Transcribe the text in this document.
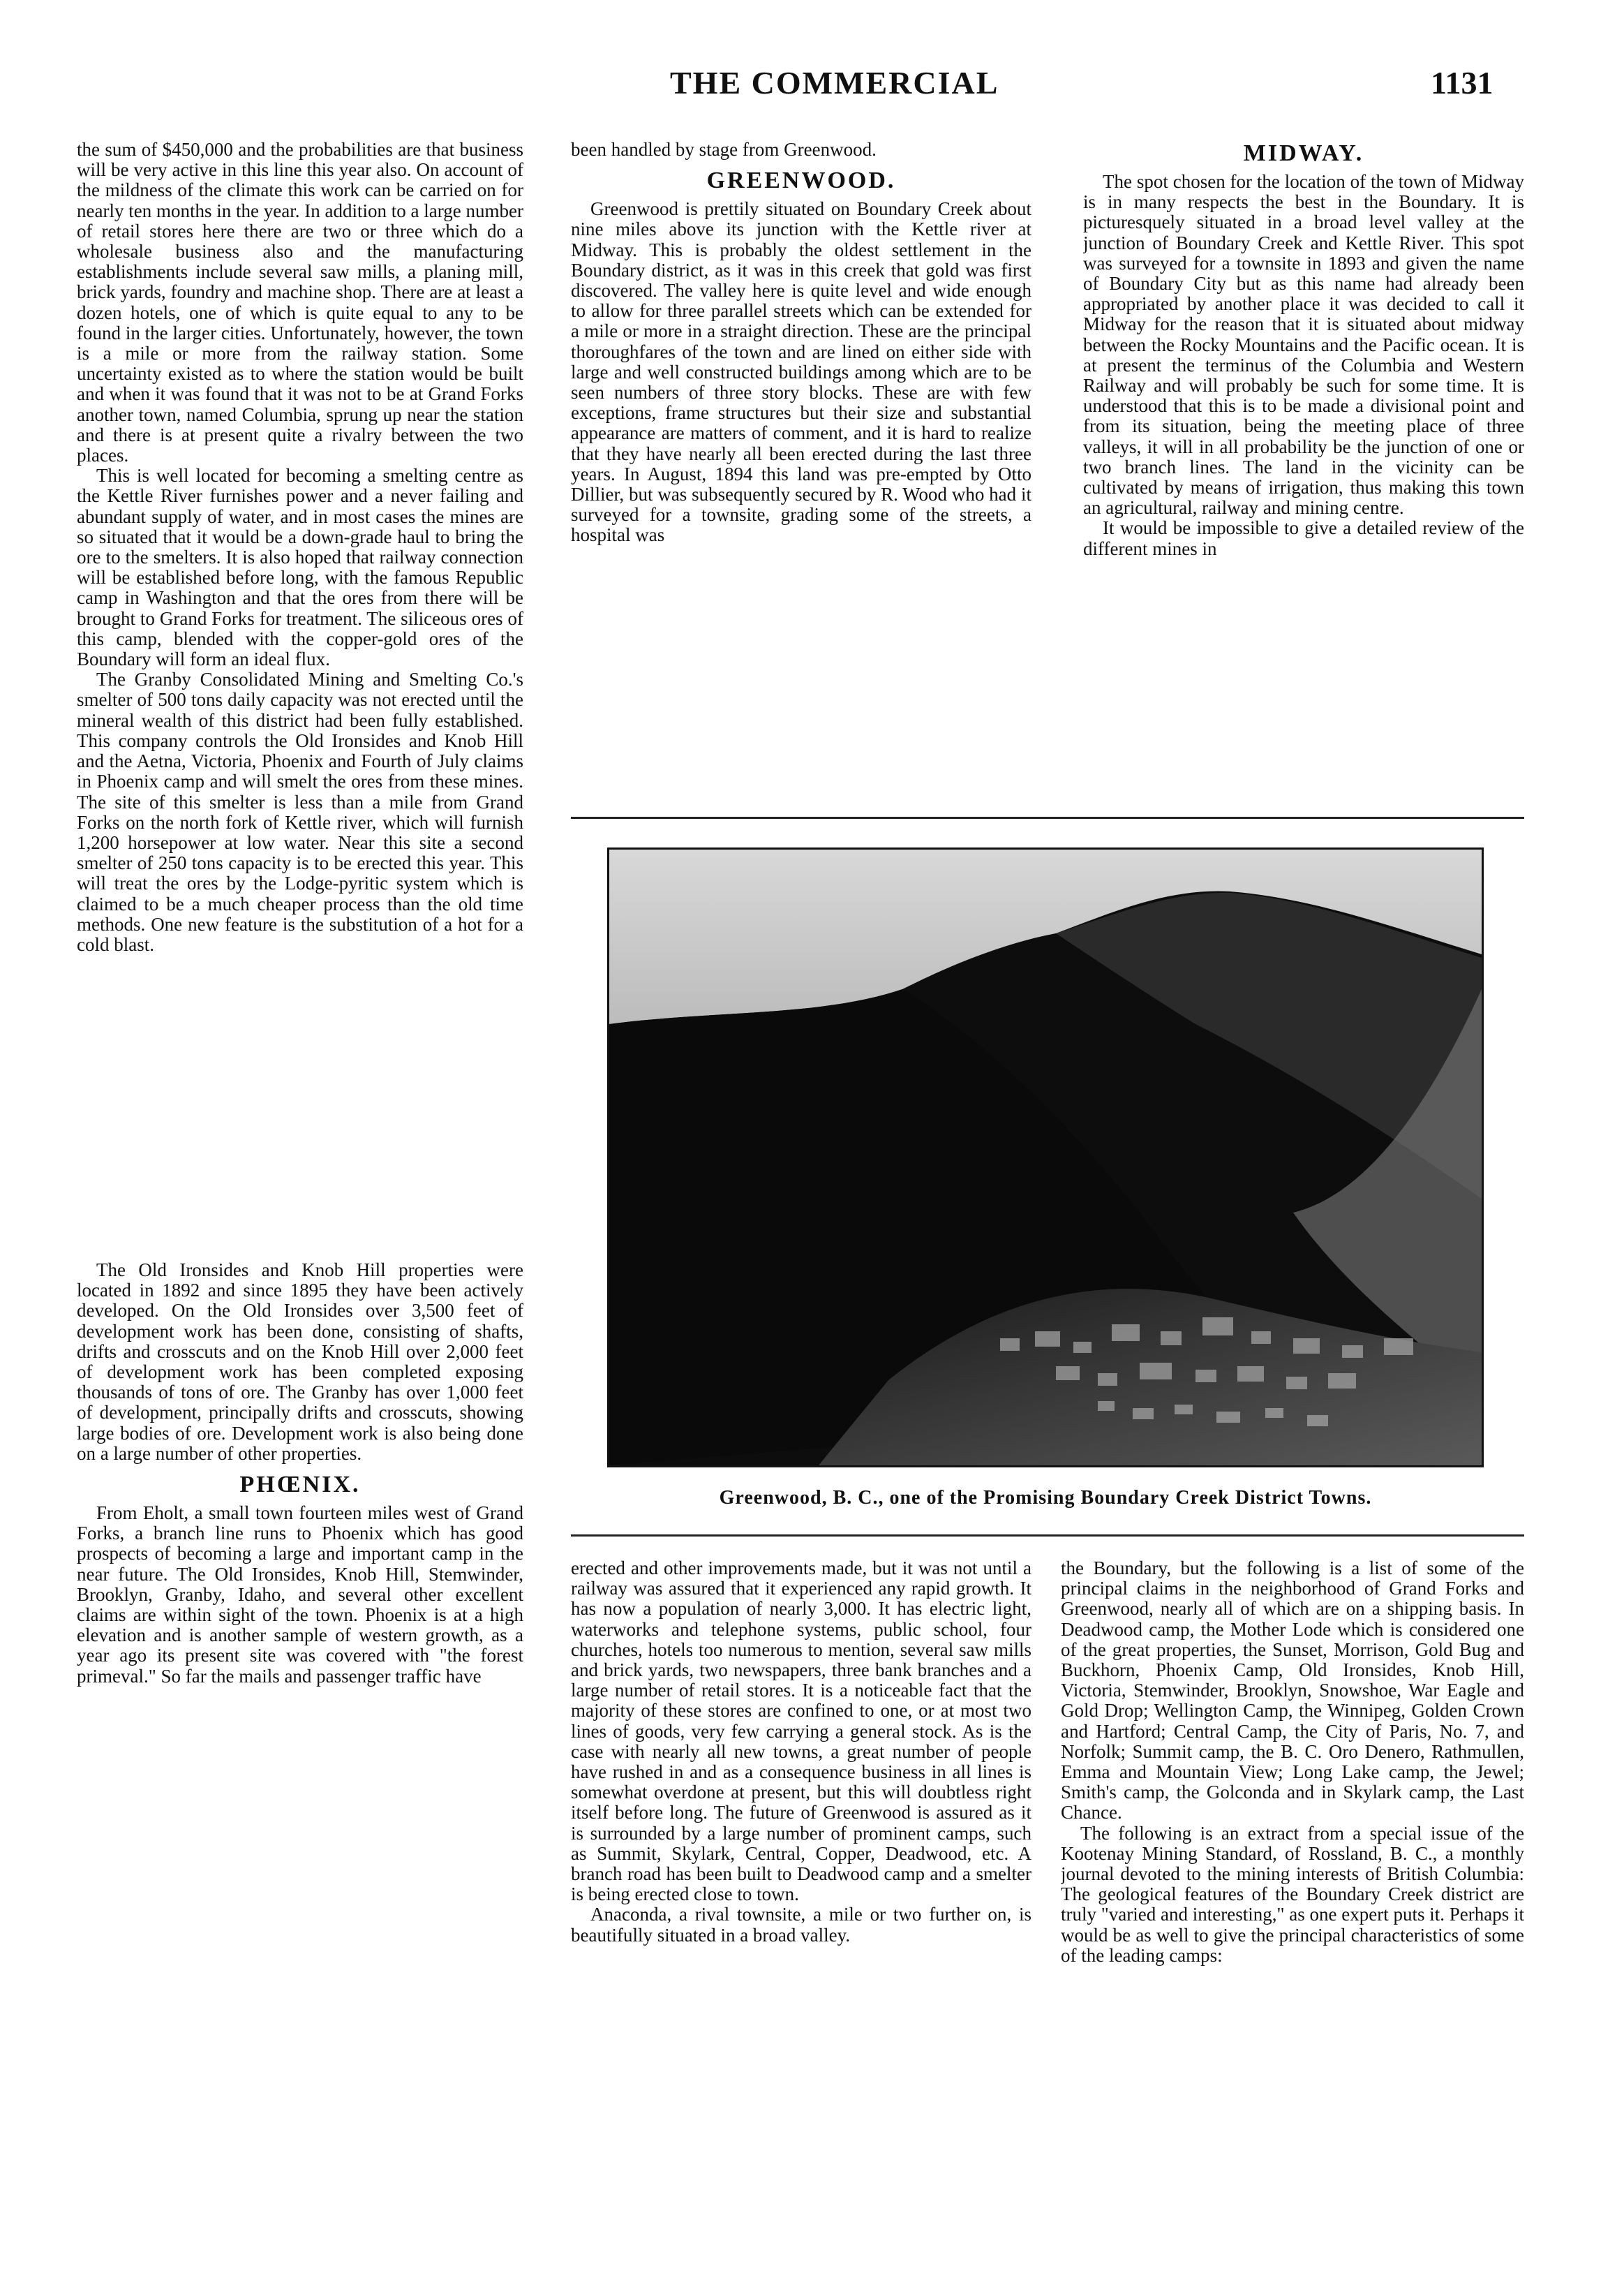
THE COMMERCIAL	1131

the sum of $450,000 and the probabilities are that business will be very active in this line this year also. On account of the mildness of the climate this work can be carried on for nearly ten months in the year. In addition to a large number of retail stores here there are two or three which do a wholesale business also and the manufacturing establishments include several saw mills, a planing mill, brick yards, foundry and machine shop. There are at least a dozen hotels, one of which is quite equal to any to be found in the larger cities. Unfortunately, however, the town is a mile or more from the railway station. Some uncertainty existed as to where the station would be built and when it was found that it was not to be at Grand Forks another town, named Columbia, sprung up near the station and there is at present quite a rivalry between the two places.

This is well located for becoming a smelting centre as the Kettle River furnishes power and a never failing and abundant supply of water, and in most cases the mines are so situated that it would be a down-grade haul to bring the ore to the smelters. It is also hoped that railway connection will be established before long, with the famous Republic camp in Washington and that the ores from there will be brought to Grand Forks for treatment. The siliceous ores of this camp, blended with the copper-gold ores of the Boundary will form an ideal flux.

The Granby Consolidated Mining and Smelting Co.'s smelter of 500 tons daily capacity was not erected until the mineral wealth of this district had been fully established. This company controls the Old Ironsides and Knob Hill and the Aetna, Victoria, Phoenix and Fourth of July claims in Phoenix camp and will smelt the ores from these mines. The site of this smelter is less than a mile from Grand Forks on the north fork of Kettle river, which will furnish 1,200 horsepower at low water. Near this site a second smelter of 250 tons capacity is to be erected this year. This will treat the ores by the Lodge-pyritic system which is claimed to be a much cheaper process than the old time methods. One new feature is the substitution of a hot for a cold blast.

The Old Ironsides and Knob Hill properties were located in 1892 and since 1895 they have been actively developed. On the Old Ironsides over 3,500 feet of development work has been done, consisting of shafts, drifts and crosscuts and on the Knob Hill over 2,000 feet of development work has been completed exposing thousands of tons of ore. The Granby has over 1,000 feet of development, principally drifts and crosscuts, showing large bodies of ore. Development work is also being done on a large number of other properties.

PHŒNIX.

From Eholt, a small town fourteen miles west of Grand Forks, a branch line runs to Phoenix which has good prospects of becoming a large and important camp in the near future. The Old Ironsides, Knob Hill, Stemwinder, Brooklyn, Granby, Idaho, and several other excellent claims are within sight of the town. Phoenix is at a high elevation and is another sample of western growth, as a year ago its present site was covered with "the forest primeval." So far the mails and passenger traffic have

been handled by stage from Greenwood.

GREENWOOD.

Greenwood is prettily situated on Boundary Creek about nine miles above its junction with the Kettle river at Midway. This is probably the oldest settlement in the Boundary district, as it was in this creek that gold was first discovered. The valley here is quite level and wide enough to allow for three parallel streets which can be extended for a mile or more in a straight direction. These are the principal thoroughfares of the town and are lined on either side with large and well constructed buildings among which are to be seen numbers of three story blocks. These are with few exceptions, frame structures but their size and substantial appearance are matters of comment, and it is hard to realize that they have nearly all been erected during the last three years. In August, 1894 this land was pre-empted by Otto Dillier, but was subsequently secured by R. Wood who had it surveyed for a townsite, grading some of the streets, a hospital was

MIDWAY.

The spot chosen for the location of the town of Midway is in many respects the best in the Boundary. It is picturesquely situated in a broad level valley at the junction of Boundary Creek and Kettle River. This spot was surveyed for a townsite in 1893 and given the name of Boundary City but as this name had already been appropriated by another place it was decided to call it Midway for the reason that it is situated about midway between the Rocky Mountains and the Pacific ocean. It is at present the terminus of the Columbia and Western Railway and will probably be such for some time. It is understood that this is to be made a divisional point and from its situation, being the meeting place of three valleys, it will in all probability be the junction of one or two branch lines. The land in the vicinity can be cultivated by means of irrigation, thus making this town an agricultural, railway and mining centre.

It would be impossible to give a detailed review of the different mines in

Greenwood, B. C., one of the Promising Boundary Creek District Towns.

erected and other improvements made, but it was not until a railway was assured that it experienced any rapid growth. It has now a population of nearly 3,000. It has electric light, waterworks and telephone systems, public school, four churches, hotels too numerous to mention, several saw mills and brick yards, two newspapers, three bank branches and a large number of retail stores. It is a noticeable fact that the majority of these stores are confined to one, or at most two lines of goods, very few carrying a general stock. As is the case with nearly all new towns, a great number of people have rushed in and as a consequence business in all lines is somewhat overdone at present, but this will doubtless right itself before long. The future of Greenwood is assured as it is surrounded by a large number of prominent camps, such as Summit, Skylark, Central, Copper, Deadwood, etc. A branch road has been built to Deadwood camp and a smelter is being erected close to town.

Anaconda, a rival townsite, a mile or two further on, is beautifully situated in a broad valley.

the Boundary, but the following is a list of some of the principal claims in the neighborhood of Grand Forks and Greenwood, nearly all of which are on a shipping basis. In Deadwood camp, the Mother Lode which is considered one of the great properties, the Sunset, Morrison, Gold Bug and Buckhorn, Phoenix Camp, Old Ironsides, Knob Hill, Victoria, Stemwinder, Brooklyn, Snowshoe, War Eagle and Gold Drop; Wellington Camp, the Winnipeg, Golden Crown and Hartford; Central Camp, the City of Paris, No. 7, and Norfolk; Summit camp, the B. C. Oro Denero, Rathmullen, Emma and Mountain View; Long Lake camp, the Jewel; Smith's camp, the Golconda and in Skylark camp, the Last Chance.

The following is an extract from a special issue of the Kootenay Mining Standard, of Rossland, B. C., a monthly journal devoted to the mining interests of British Columbia: The geological features of the Boundary Creek district are truly "varied and interesting," as one expert puts it. Perhaps it would be as well to give the principal characteristics of some of the leading camps:
